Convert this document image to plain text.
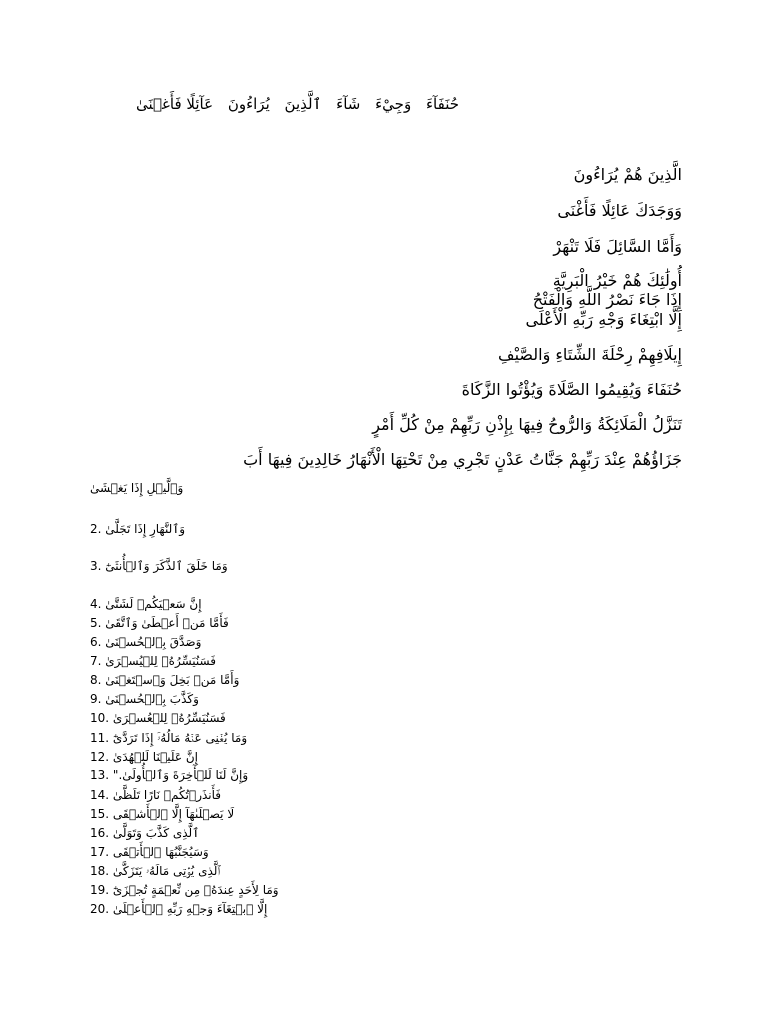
عَآئِلًا فَأَغۡنَىٰ يُرَاءُونَ ٱلَّذِينَ شَآءَ وَجِيْءَ حُنَفَآءَ
الَّذِينَ هُمْ يُرَاءُونَ
وَوَجَدَكَ عَائِلًا فَأَغْنَى
وَأَمَّا السَّائِلَ فَلَا تَنْهَرْ
أُولَٰئِكَ هُمْ خَيْرُ الْبَرِيَّةِ
إِذَا جَاءَ نَصْرُ اللَّهِ وَالْفَتْحُ
إِلَّا ابْتِغَاءَ وَجْهِ رَبِّهِ الْأَعْلَى
إِيلَافِهِمْ رِحْلَةَ الشِّتَاءِ وَالصَّيْفِ
حُنَفَاءَ وَيُقِيمُوا الصَّلَاةَ وَيُؤْتُوا الزَّكَاةَ
تَنَزَّلُ الْمَلَائِكَةُ وَالرُّوحُ فِيهَا بِإِذْنِ رَبِّهِمْ مِنْ كُلِّ أَمْرٍ
جَزَاؤُهُمْ عِنْدَ رَبِّهِمْ جَنَّاتُ عَدْنٍ تَجْرِي مِنْ تَحْتِهَا الْأَنْهَارُ خَالِدِينَ فِيهَا أَبَ
وَٱلَّيۡلِ إِذَا يَغۡشَىٰ
2. وَٱلنَّهَارِ إِذَا تَجَلَّىٰ
3. وَمَا خَلَقَ ٱلذَّكَرَ وَٱلۡأُنثَىٰٓ
4. إِنَّ سَعۡيَكُمۡ لَشَتَّىٰ
5. فَأَمَّا مَنۡ أَعۡطَىٰ وَٱتَّقَىٰ
6. وَصَدَّقَ بِٱلۡحُسۡنَىٰ
7. فَسَنُيَسِّرُهُۥ لِلۡيُسۡرَىٰ
8. وَأَمَّا مَنۢ بَخِلَ وَٱسۡتَغۡنَىٰ
9. وَكَذَّبَ بِٱلۡحُسۡنَىٰ
10. فَسَنُيَسِّرُهُۥ لِلۡعُسۡرَىٰ
11. وَمَا يُغۡنِى عَنۡهُ مَالُهُۥٓ إِذَا تَرَدَّىٰٓ
12. إِنَّ عَلَيۡنَا لَلۡهُدَىٰ
13. وَإِنَّ لَنَا لَلۡأٓخِرَةَ وَٱلۡأُولَىٰ."
14. فَأَنذَرۡتُكُمۡ نَارًا تَلَظَّىٰ
15. لَا يَصۡلَىٰهَآ إِلَّا ٱلۡأَشۡقَى
16. ٱلَّذِى كَذَّبَ وَتَوَلَّىٰ
17. وَسَيُجَنَّبُهَا ٱلۡأَتۡقَى
18. ٱلَّذِى يُؤۡتِى مَالَهُۥ يَتَزَكَّىٰ
19. وَمَا لِأَحَدٍ عِندَهُۥ مِن نِّعۡمَةٍ تُجۡزَىٰٓ
20. إِلَّا ٱبۡتِغَآءَ وَجۡهِ رَبِّهِ ٱلۡأَعۡلَىٰ
